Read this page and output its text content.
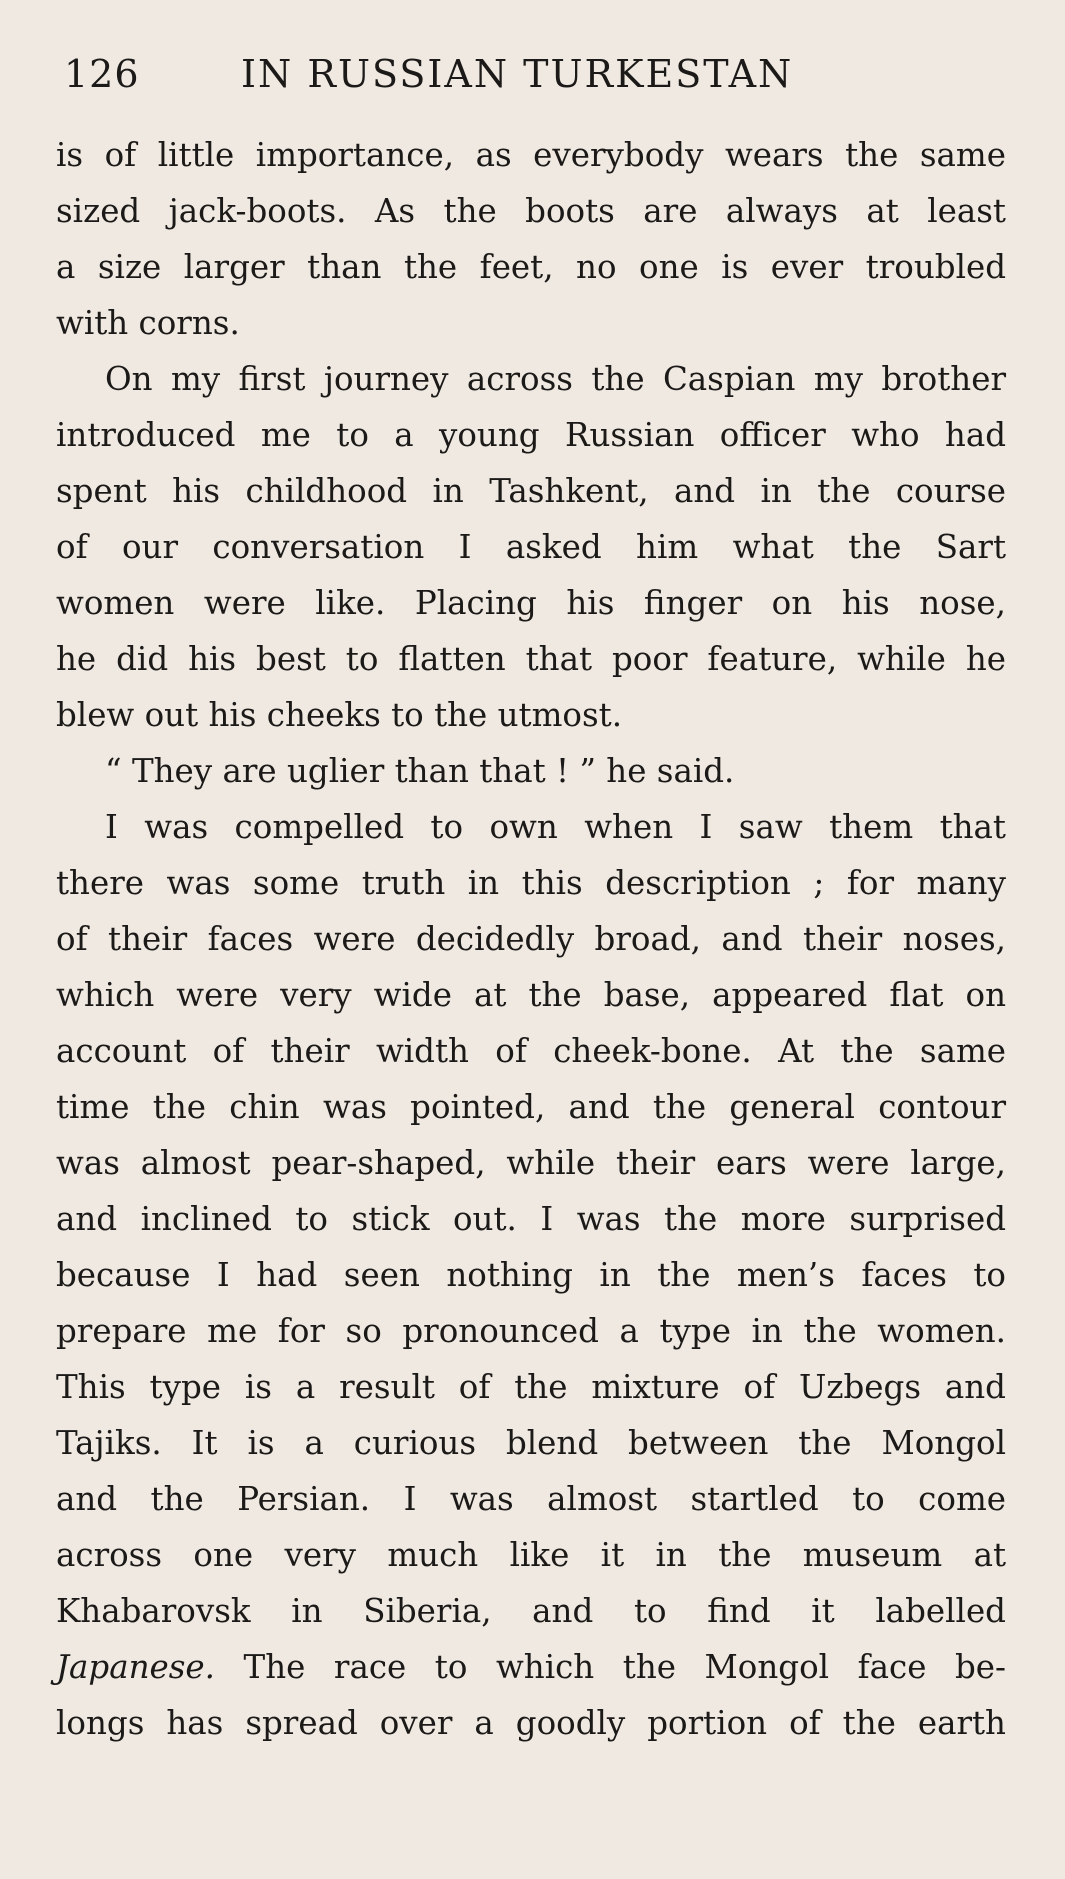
126	IN RUSSIAN TURKESTAN
is of little importance, as everybody wears the same
sized jack-boots. As the boots are always at least
a size larger than the feet, no one is ever troubled
with corns.
On my first journey across the Caspian my brother
introduced me to a young Russian officer who had
spent his childhood in Tashkent, and in the course
of our conversation I asked him what the Sart
women were like. Placing his finger on his nose,
he did his best to flatten that poor feature, while he
blew out his cheeks to the utmost.
“ They are uglier than that ! ” he said.
I was compelled to own when I saw them that
there was some truth in this description ; for many
of their faces were decidedly broad, and their noses,
which were very wide at the base, appeared flat on
account of their width of cheek-bone. At the same
time the chin was pointed, and the general contour
was almost pear-shaped, while their ears were large,
and inclined to stick out. I was the more surprised
because I had seen nothing in the men’s faces to
prepare me for so pronounced a type in the women.
This type is a result of the mixture of Uzbegs and
Tajiks. It is a curious blend between the Mongol
and the Persian. I was almost startled to come
across one very much like it in the museum at
Khabarovsk in Siberia, and to find it labelled
Japanese. The race to which the Mongol face be-
longs has spread over a goodly portion of the earth
